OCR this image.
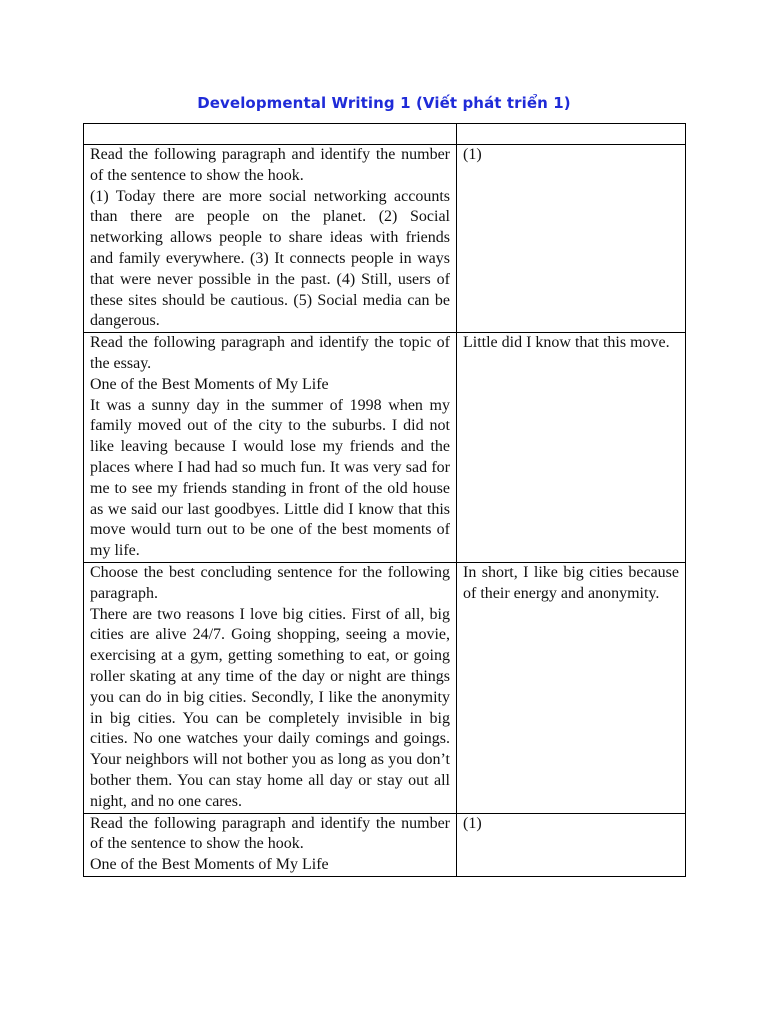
Developmental Writing 1 (Viết phát triển 1)

Read the following paragraph and identify the number of the sentence to show the hook.
(1) Today there are more social networking accounts than there are people on the planet. (2) Social networking allows people to share ideas with friends and family everywhere. (3) It connects people in ways that were never possible in the past. (4) Still, users of these sites should be cautious. (5) Social media can be dangerous.	(1)

Read the following paragraph and identify the topic of the essay.
One of the Best Moments of My Life
It was a sunny day in the summer of 1998 when my family moved out of the city to the suburbs. I did not like leaving because I would lose my friends and the places where I had had so much fun. It was very sad for me to see my friends standing in front of the old house as we said our last goodbyes. Little did I know that this move would turn out to be one of the best moments of my life.	Little did I know that this move.

Choose the best concluding sentence for the following paragraph.
There are two reasons I love big cities. First of all, big cities are alive 24/7. Going shopping, seeing a movie, exercising at a gym, getting something to eat, or going roller skating at any time of the day or night are things you can do in big cities. Secondly, I like the anonymity in big cities. You can be completely invisible in big cities. No one watches your daily comings and goings. Your neighbors will not bother you as long as you don’t bother them. You can stay home all day or stay out all night, and no one cares.	In short, I like big cities because of their energy and anonymity.

Read the following paragraph and identify the number of the sentence to show the hook.
One of the Best Moments of My Life	(1)
